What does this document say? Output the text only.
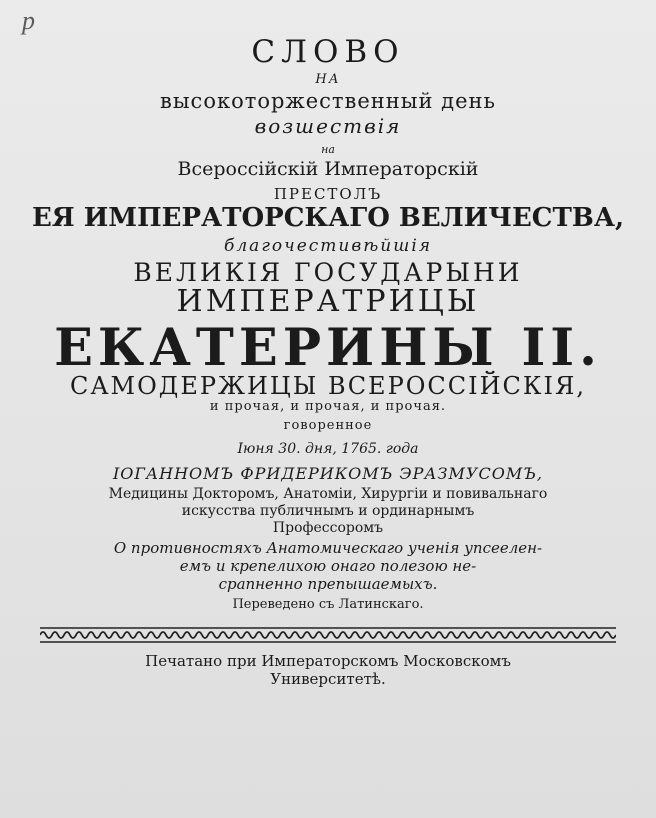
р
СЛОВО
НА
высокоторжественный день
возшествія
на
Всероссійскій Императорскій
ПРЕСТОЛЪ
ЕЯ ИМПЕРАТОРСКАГО ВЕЛИЧЕСТВА,
благочестивѣйшія
ВЕЛИКІЯ ГОСУДАРЫНИ
ИМПЕРАТРИЦЫ
ЕКАТЕРИНЫ II.
САМОДЕРЖИЦЫ ВСЕРОССІЙСКІЯ,
и прочая, и прочая, и прочая.
говоренное
Іюня 30. дня, 1765. года
ІОГАННОМЪ ФРИДЕРИКОМЪ ЭРАЗМУСОМЪ,
Медицины Докторомъ, Анатоміи, Хирургіи и повивальнаго
искусства публичнымъ и ординарнымъ
Профессоромъ
О противностяхъ Анатомическаго ученія упсеелен-
емъ и крепелихою онаго полезою не-
срапненно препышаемыхъ.
Переведено съ Латинскаго.
Печатано при Императорскомъ Московскомъ
Университетѣ.
